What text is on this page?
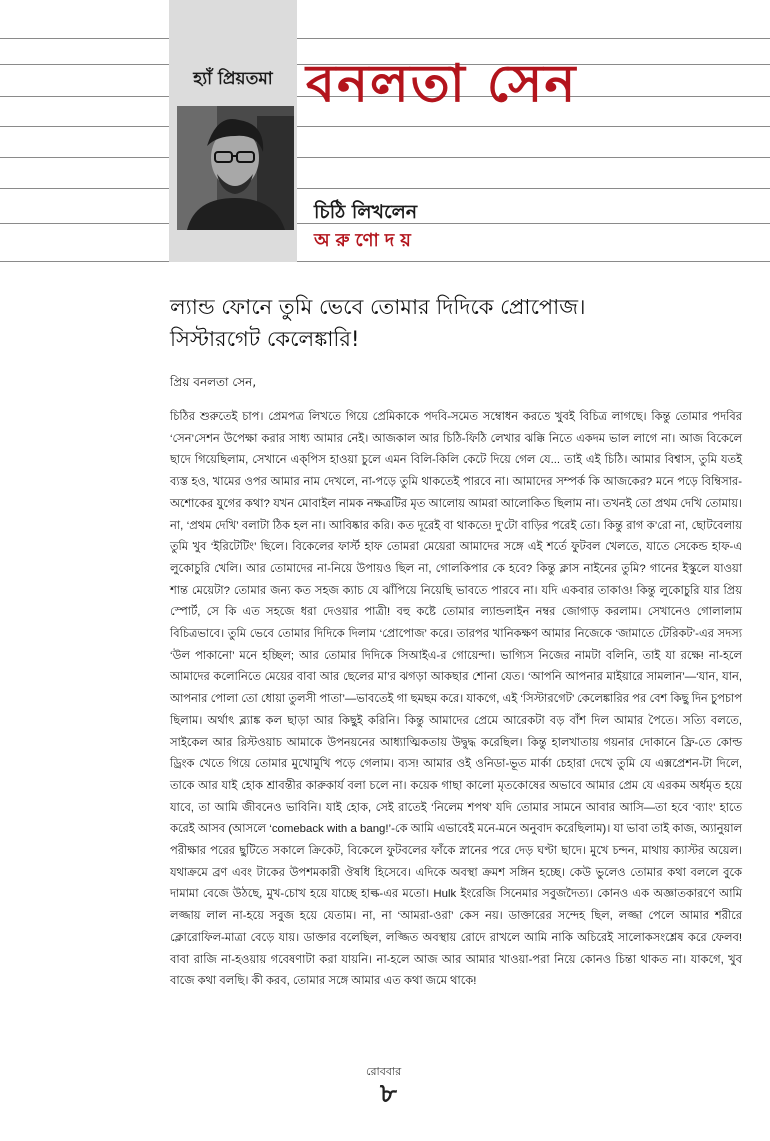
হ্যাঁ প্রিয়তমা বনলতা সেন
চিঠি লিখলেন
অরুণোদয়
ল্যান্ড ফোনে তুমি ভেবে তোমার দিদিকে প্রোপোজ।
সিস্টারগেট কেলেঙ্কারি!
প্রিয় বনলতা সেন,
চিঠির শুরুতেই চাপ। প্রেমপত্র লিখতে গিয়ে প্রেমিকাকে পদবি-সমেত সম্বোধন করতে খুবই বিচিত্র লাগছে। কিন্তু তোমার পদবির ‘সেন’সেশন উপেক্ষা করার সাধ্য আমার নেই। আজকাল আর চিঠি-ফিঠি লেখার ঝক্কি নিতে একদম ভাল লাগে না। আজ বিকেলে ছাদে গিয়েছিলাম, সেখানে এক্‌পিস হাওয়া চুলে এমন বিলি-কিলি কেটে দিয়ে গেল যে... তাই এই চিঠি। আমার বিশ্বাস, তুমি যতই ব্যস্ত হও, খামের ওপর আমার নাম দেখলে, না-পড়ে তুমি থাকতেই পারবে না। আমাদের সম্পর্ক কি আজকের? মনে পড়ে বিম্বিসার-অশোকের যুগের কথা? যখন মোবাইল নামক নক্ষত্রটির মৃত আলোয় আমরা আলোকিত ছিলাম না। তখনই তো প্রথম দেখি তোমায়। না, ‘প্রথম দেখি’ বলাটা ঠিক হল না। আবিষ্কার করি। কত দূরেই বা থাকতে! দু’টো বাড়ির পরেই তো। কিন্তু রাগ ক’রো না, ছোটবেলায় তুমি খুব ‘ইরিটেটিং’ ছিলে। বিকেলের ফার্স্ট হাফ তোমরা মেয়েরা আমাদের সঙ্গে এই শর্তে ফুটবল খেলতে, যাতে সেকেন্ড হাফ-এ লুকোচুরি খেলি। আর তোমাদের না-নিয়ে উপায়ও ছিল না, গোলকিপার কে হবে? কিন্তু ক্লাস নাইনের তুমি? গানের ইস্কুলে যাওয়া শান্ত মেয়েটা? তোমার জন্য কত সহজ ক্যাচ যে ঝাঁপিয়ে নিয়েছি ভাবতে পারবে না। যদি একবার তাকাও! কিন্তু লুকোচুরি যার প্রিয় স্পোর্ট, সে কি এত সহজে ধরা দেওয়ার পাত্রী! বহু কষ্টে তোমার ল্যান্ডলাইন নম্বর জোগাড় করলাম। সেখানেও গোলালাম বিচিত্রভাবে। তুমি ভেবে তোমার দিদিকে দিলাম ‘প্রোপোজ’ করে। তারপর খানিকক্ষণ আমার নিজেকে ‘জামাতে টেরিকট’-এর সদস্য ‘উল পাকানো’ মনে হচ্ছিল; আর তোমার দিদিকে সিআইএ-র গোয়েন্দা। ভাগ্যিস নিজের নামটা বলিনি, তাই যা রক্ষে! না-হলে আমাদের কলোনিতে মেয়ের বাবা আর ছেলের মা’র ঝগড়া আকছার শোনা যেত। ‘আপনি আপনার মাইয়ারে সামলান’—‘যান, যান, আপনার পোলা তো ধোয়া তুলসী পাতা’—ভাবতেই গা ছমছম করে। যাকগে, এই ‘সিস্টারগেট’ কেলেঙ্কারির পর বেশ কিছু দিন চুপচাপ ছিলাম। অর্থাৎ ব্ল্যাঙ্ক কল ছাড়া আর কিছুই করিনি। কিন্তু আমাদের প্রেমে আরেকটা বড় বাঁশ দিল আমার পৈতে। সত্যি বলতে, সাইকেল আর রিস্টওয়াচ আমাকে উপনয়নের আধ্যাত্মিকতায় উদ্বুদ্ধ করেছিল। কিন্তু হালখাতায় গয়নার দোকানে ফ্রি-তে কোল্ড ড্রিংক খেতে গিয়ে তোমার মুখোমুখি পড়ে গেলাম। ব্যস! আমার ওই ওনিডা-ভূত মার্কা চেহারা দেখে তুমি যে এক্সপ্রেশন-টা দিলে, তাকে আর যাই হোক শ্রাবন্তীর কারুকার্য বলা চলে না। কয়েক গাছা কালো মৃতকোষের অভাবে আমার প্রেম যে এরকম অর্ধমৃত হয়ে যাবে, তা আমি জীবনেও ভাবিনি। যাই হোক, সেই রাতেই ‘নিলেম শপথ’ যদি তোমার সামনে আবার আসি—তা হবে ‘ব্যাং’ হাতে করেই আসব (আসলে ‘comeback with a bang!’-কে আমি এভাবেই মনে-মনে অনুবাদ করেছিলাম)। যা ভাবা তাই কাজ, অ্যানুয়াল পরীক্ষার পরের ছুটিতে সকালে ক্রিকেট, বিকেলে ফুটবলের ফাঁকে স্নানের পরে দেড় ঘণ্টা ছাদে। মুখে চন্দন, মাথায় ক্যাস্টর অয়েল। যথাক্রমে ব্রণ এবং টাকের উপশমকারী ঔষধি হিসেবে। এদিকে অবস্থা ক্রমশ সঙ্গিন হচ্ছে। কেউ ভুলেও তোমার কথা বললে বুকে দামামা বেজে উঠছে, মুখ-চোখ হয়ে যাচ্ছে হাল্ক-এর মতো। Hulk ইংরেজি সিনেমার সবুজদৈত্য। কোনও এক অজ্ঞাতকারণে আমি লজ্জায় লাল না-হয়ে সবুজ হয়ে যেতাম। না, না ‘আমরা-ওরা’ কেস নয়। ডাক্তারের সন্দেহ ছিল, লজ্জা পেলে আমার শরীরে ক্লোরোফিল-মাত্রা বেড়ে যায়। ডাক্তার বলেছিল, লজ্জিত অবস্থায় রোদে রাখলে আমি নাকি অচিরেই সালোকসংশ্লেষ করে ফেলব! বাবা রাজি না-হওয়ায় গবেষণাটা করা যায়নি। না-হলে আজ আর আমার খাওয়া-পরা নিয়ে কোনও চিন্তা থাকত না। যাকগে, খুব বাজে কথা বলছি। কী করব, তোমার সঙ্গে আমার এত কথা জমে থাকে!
রোববার
৮
